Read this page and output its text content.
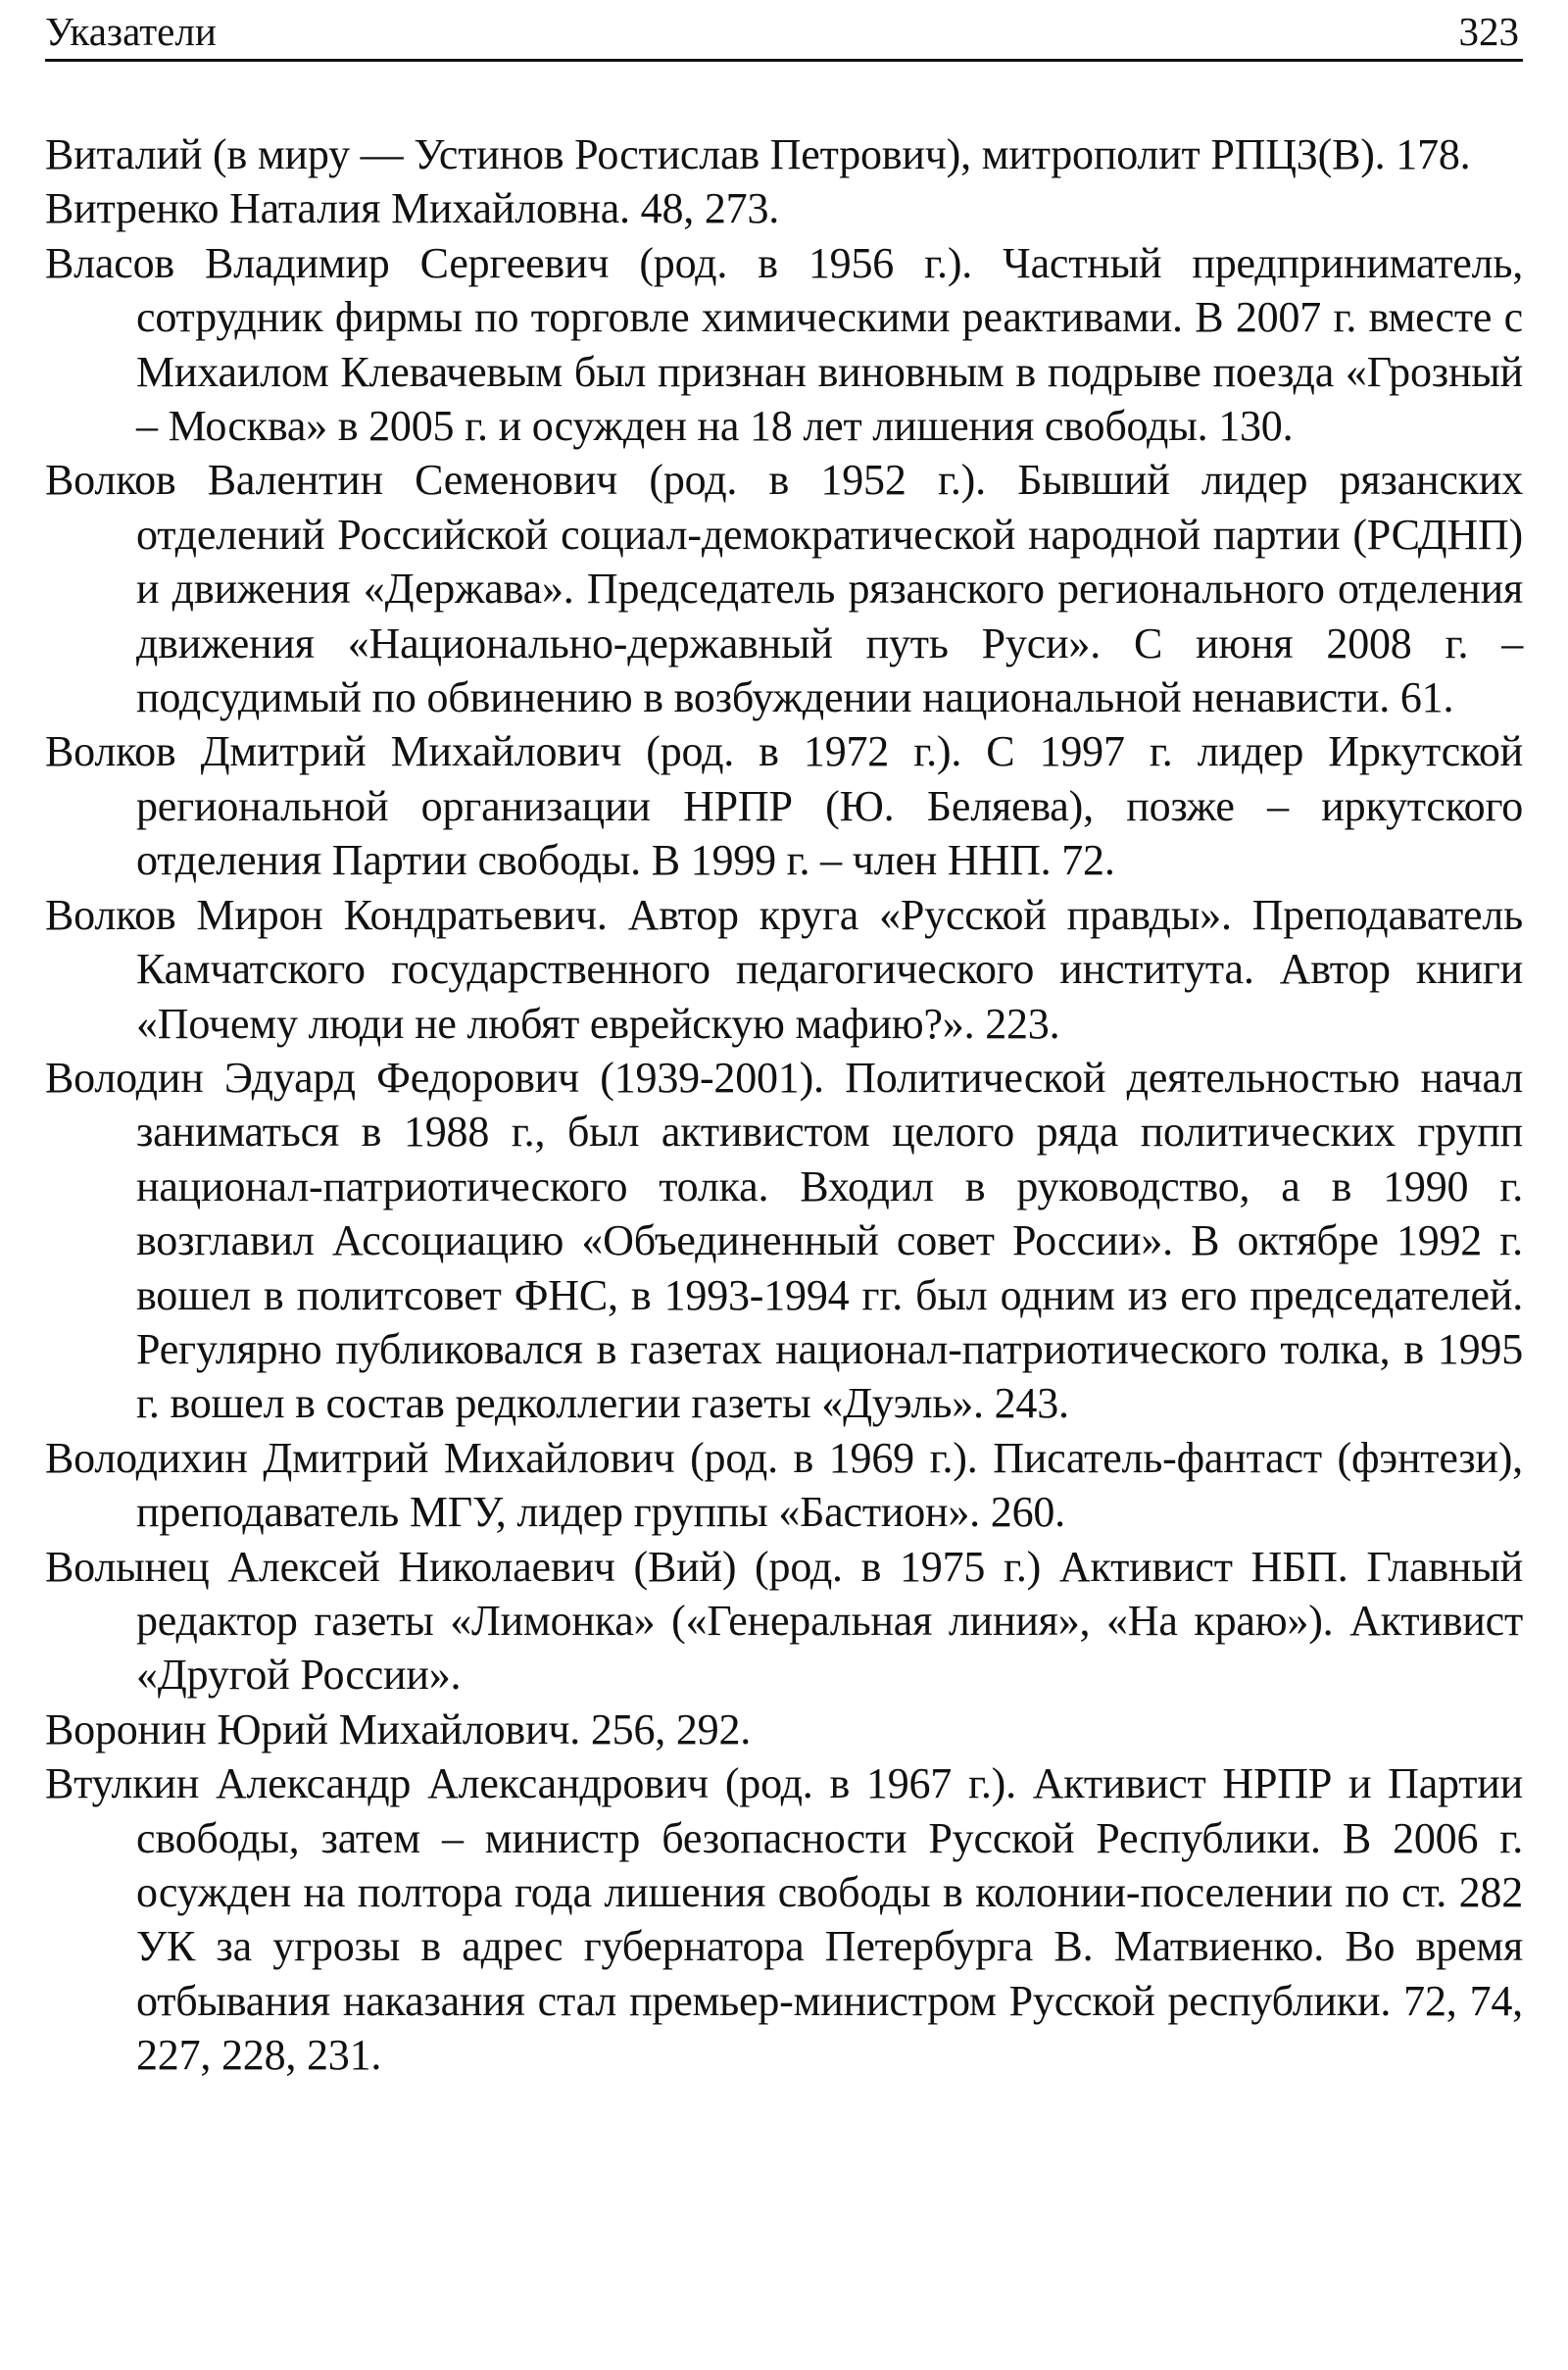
Указатели	323

Виталий (в миру — Устинов Ростислав Петрович), митрополит РПЦЗ(В). 178.

Витренко Наталия Михайловна. 48, 273.

Власов Владимир Сергеевич (род. в 1956 г.). Частный предприниматель, сотрудник фирмы по торговле химическими реактивами. В 2007 г. вместе с Михаилом Клевачевым был признан виновным в подрыве поезда «Грозный – Москва» в 2005 г. и осужден на 18 лет лишения свободы. 130.

Волков Валентин Семенович (род. в 1952 г.). Бывший лидер рязанских отделений Российской социал-демократической народной партии (РСДНП) и движения «Держава». Председатель рязанского регионального отделения движения «Национально-державный путь Руси». С июня 2008 г. – подсудимый по обвинению в возбуждении национальной ненависти. 61.

Волков Дмитрий Михайлович (род. в 1972 г.). С 1997 г. лидер Иркутской региональной организации НРПР (Ю. Беляева), позже – иркутского отделения Партии свободы. В 1999 г. – член ННП. 72.

Волков Мирон Кондратьевич. Автор круга «Русской правды». Преподаватель Камчатского государственного педагогического института. Автор книги «Почему люди не любят еврейскую мафию?». 223.

Володин Эдуард Федорович (1939-2001). Политической деятельностью начал заниматься в 1988 г., был активистом целого ряда политических групп национал-патриотического толка. Входил в руководство, а в 1990 г. возглавил Ассоциацию «Объединенный совет России». В октябре 1992 г. вошел в политсовет ФНС, в 1993-1994 гг. был одним из его председателей. Регулярно публиковался в газетах национал-патриотического толка, в 1995 г. вошел в состав редколлегии газеты «Дуэль». 243.

Володихин Дмитрий Михайлович (род. в 1969 г.). Писатель-фантаст (фэнтези), преподаватель МГУ, лидер группы «Бастион». 260.

Волынец Алексей Николаевич (Вий) (род. в 1975 г.) Активист НБП. Главный редактор газеты «Лимонка» («Генеральная линия», «На краю»). Активист «Другой России».

Воронин Юрий Михайлович. 256, 292.

Втулкин Александр Александрович (род. в 1967 г.). Активист НРПР и Партии свободы, затем – министр безопасности Русской Республики. В 2006 г. осужден на полтора года лишения свободы в колонии-поселении по ст. 282 УК за угрозы в адрес губернатора Петербурга В. Матвиенко. Во время отбывания наказания стал премьер-министром Русской республики. 72, 74, 227, 228, 231.
